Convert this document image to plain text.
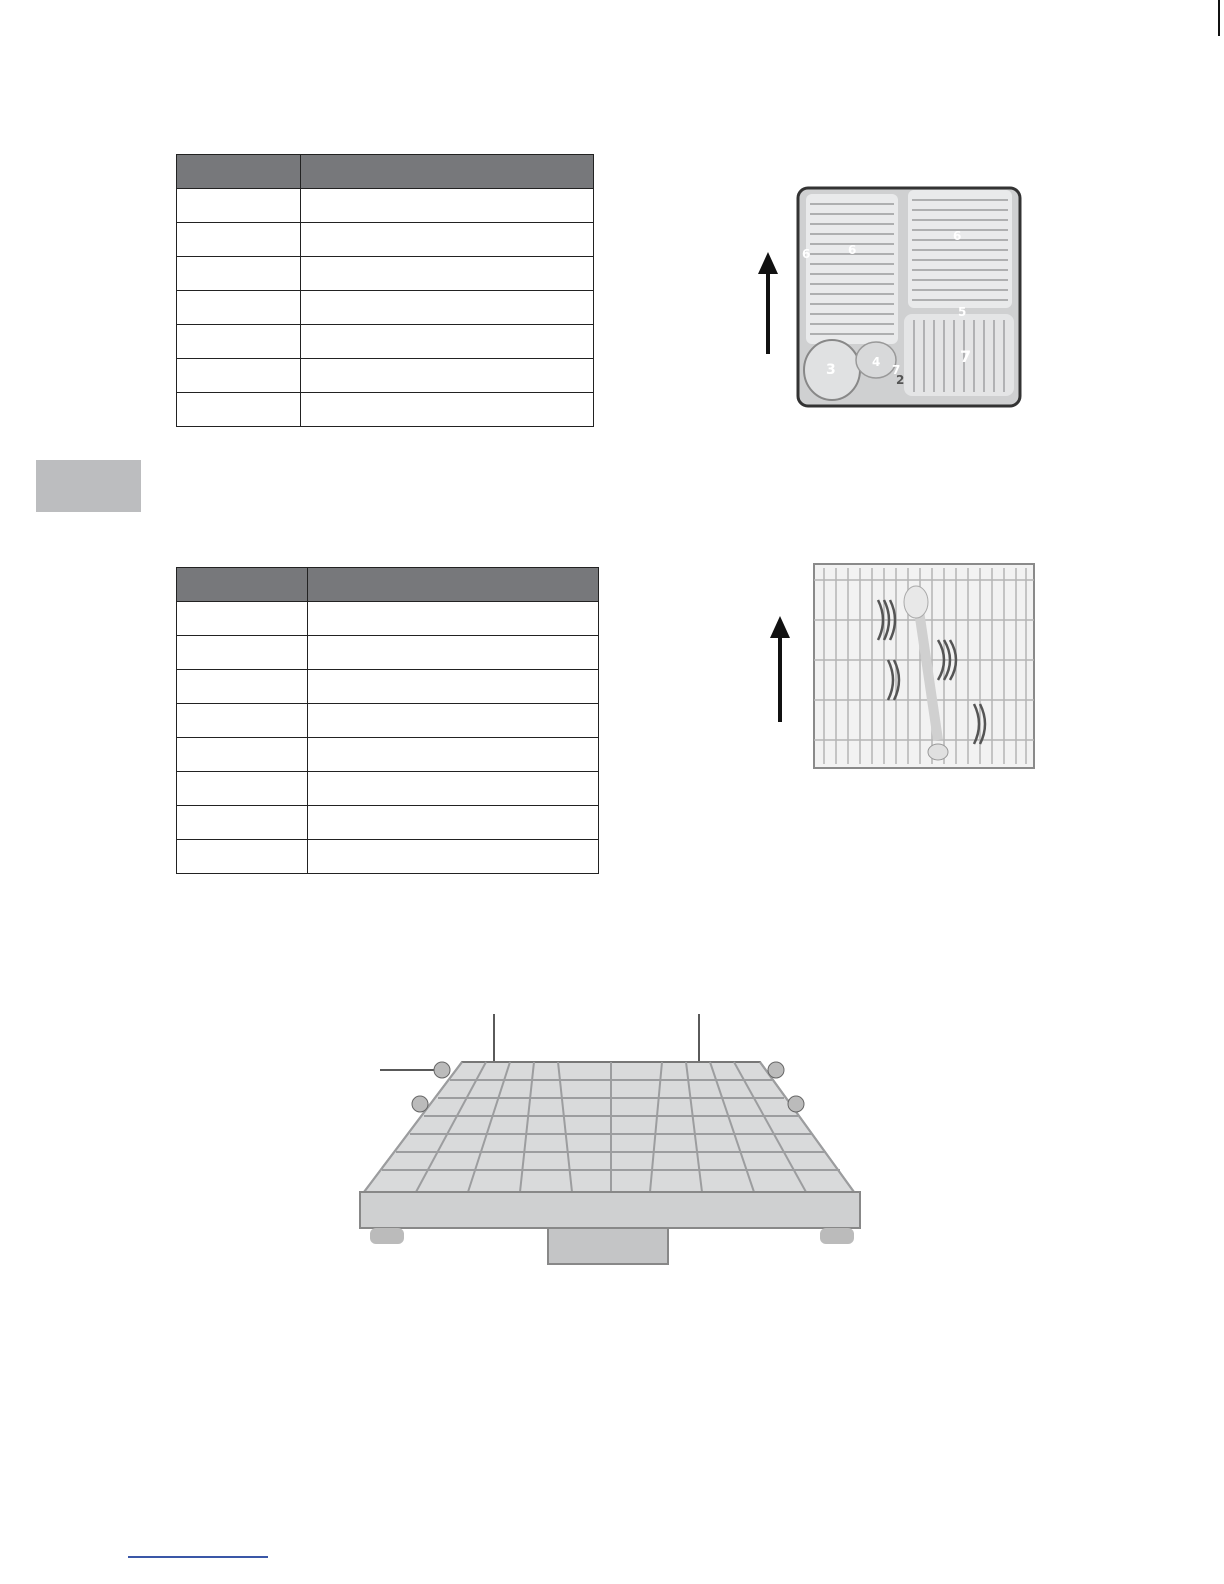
6
6
6
5
7
7
3
2
4
